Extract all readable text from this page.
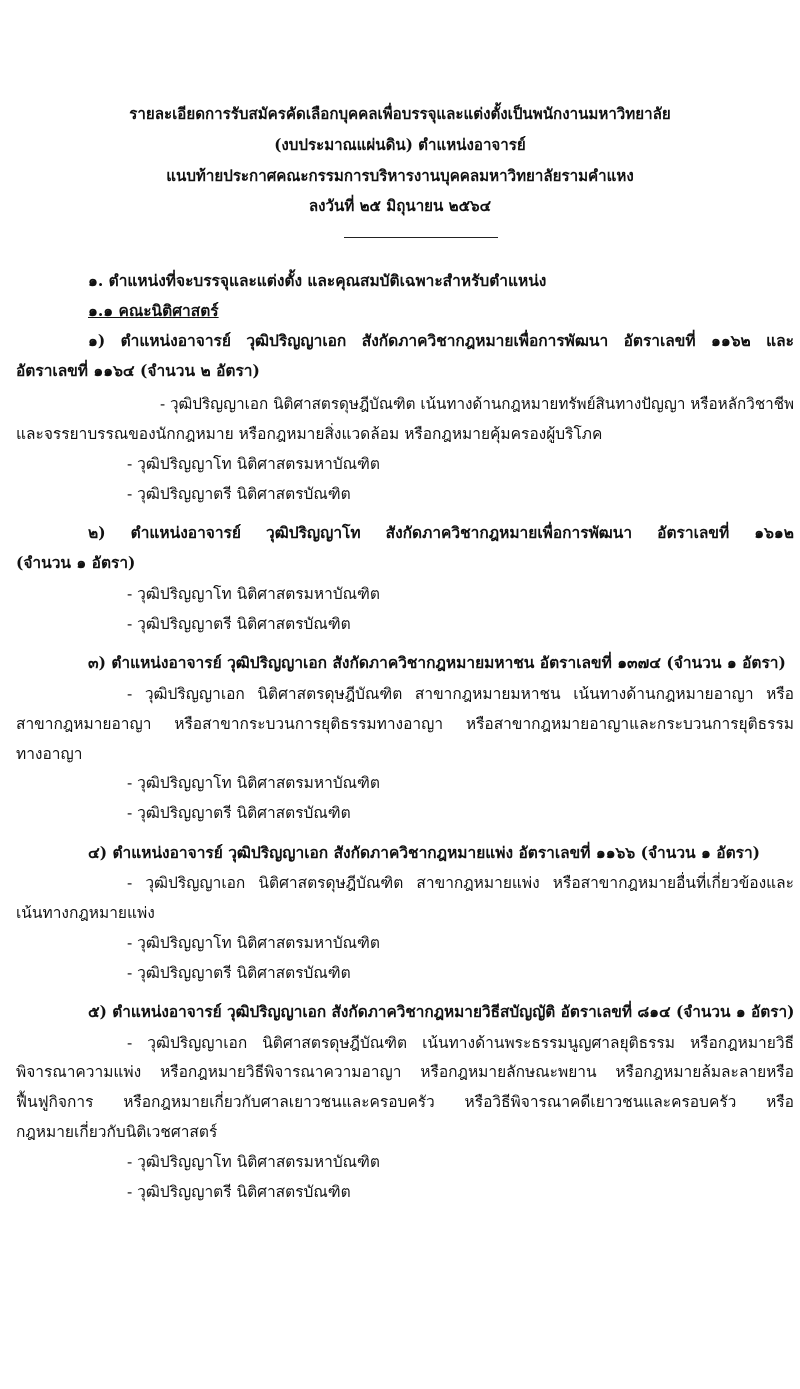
รายละเอียดการรับสมัครคัดเลือกบุคคลเพื่อบรรจุและแต่งตั้งเป็นพนักงานมหาวิทยาลัย
(งบประมาณแผ่นดิน) ตำแหน่งอาจารย์
แนบท้ายประกาศคณะกรรมการบริหารงานบุคคลมหาวิทยาลัยรามคำแหง
ลงวันที่ ๒๕ มิถุนายน ๒๕๖๔
๑. ตำแหน่งที่จะบรรจุและแต่งตั้ง และคุณสมบัติเฉพาะสำหรับตำแหน่ง
๑.๑ คณะนิติศาสตร์
๑) ตำแหน่งอาจารย์ วุฒิปริญญาเอก สังกัดภาควิชากฎหมายเพื่อการพัฒนา อัตราเลขที่ ๑๑๖๒ และ
อัตราเลขที่ ๑๑๖๔ (จำนวน ๒ อัตรา)
- วุฒิปริญญาเอก นิติศาสตรดุษฎีบัณฑิต เน้นทางด้านกฎหมายทรัพย์สินทางปัญญา หรือหลักวิชาชีพ
และจรรยาบรรณของนักกฎหมาย หรือกฎหมายสิ่งแวดล้อม หรือกฎหมายคุ้มครองผู้บริโภค
- วุฒิปริญญาโท นิติศาสตรมหาบัณฑิต
- วุฒิปริญญาตรี นิติศาสตรบัณฑิต
๒) ตำแหน่งอาจารย์ วุฒิปริญญาโท สังกัดภาควิชากฎหมายเพื่อการพัฒนา อัตราเลขที่ ๑๖๑๒
(จำนวน ๑ อัตรา)
- วุฒิปริญญาโท นิติศาสตรมหาบัณฑิต
- วุฒิปริญญาตรี นิติศาสตรบัณฑิต
๓) ตำแหน่งอาจารย์ วุฒิปริญญาเอก สังกัดภาควิชากฎหมายมหาชน อัตราเลขที่ ๑๓๗๔ (จำนวน ๑ อัตรา)
- วุฒิปริญญาเอก นิติศาสตรดุษฎีบัณฑิต สาขากฎหมายมหาชน เน้นทางด้านกฎหมายอาญา หรือ
สาขากฎหมายอาญา หรือสาขากระบวนการยุติธรรมทางอาญา หรือสาขากฎหมายอาญาและกระบวนการยุติธรรม
ทางอาญา
- วุฒิปริญญาโท นิติศาสตรมหาบัณฑิต
- วุฒิปริญญาตรี นิติศาสตรบัณฑิต
๔) ตำแหน่งอาจารย์ วุฒิปริญญาเอก สังกัดภาควิชากฎหมายแพ่ง อัตราเลขที่ ๑๑๖๖ (จำนวน ๑ อัตรา)
- วุฒิปริญญาเอก นิติศาสตรดุษฎีบัณฑิต สาขากฎหมายแพ่ง หรือสาขากฎหมายอื่นที่เกี่ยวข้องและ
เน้นทางกฎหมายแพ่ง
- วุฒิปริญญาโท นิติศาสตรมหาบัณฑิต
- วุฒิปริญญาตรี นิติศาสตรบัณฑิต
๕) ตำแหน่งอาจารย์ วุฒิปริญญาเอก สังกัดภาควิชากฎหมายวิธีสบัญญัติ อัตราเลขที่ ๘๑๔ (จำนวน ๑ อัตรา)
- วุฒิปริญญาเอก นิติศาสตรดุษฎีบัณฑิต เน้นทางด้านพระธรรมนูญศาลยุติธรรม หรือกฎหมายวิธี
พิจารณาความแพ่ง หรือกฎหมายวิธีพิจารณาความอาญา หรือกฎหมายลักษณะพยาน หรือกฎหมายล้มละลายหรือ
ฟื้นฟูกิจการ หรือกฎหมายเกี่ยวกับศาลเยาวชนและครอบครัว หรือวิธีพิจารณาคดีเยาวชนและครอบครัว หรือ
กฎหมายเกี่ยวกับนิติเวชศาสตร์
- วุฒิปริญญาโท นิติศาสตรมหาบัณฑิต
- วุฒิปริญญาตรี นิติศาสตรบัณฑิต
